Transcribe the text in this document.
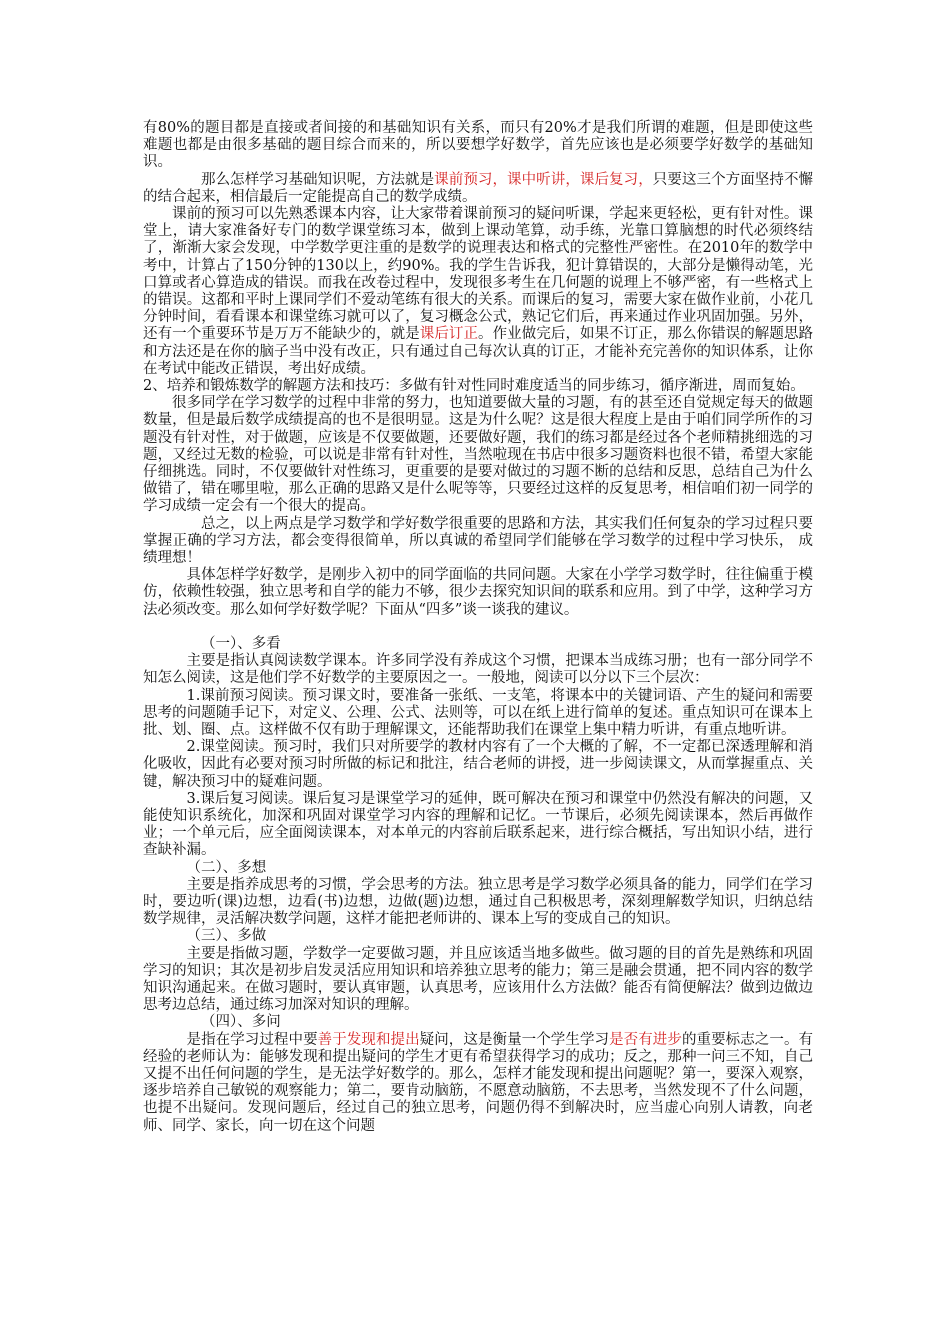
有80%的题目都是直接或者间接的和基础知识有关系，而只有20%才是我们所谓的难题，但是即使这些难题也都是由很多基础的题目综合而来的，所以要想学好数学，首先应该也是必须要学好数学的基础知识。

那么怎样学习基础知识呢，方法就是课前预习，课中听讲，课后复习，只要这三个方面坚持不懈的结合起来，相信最后一定能提高自己的数学成绩。

课前的预习可以先熟悉课本内容，让大家带着课前预习的疑问听课，学起来更轻松，更有针对性。课堂上，请大家准备好专门的数学课堂练习本，做到上课动笔算，动手练，光靠口算脑想的时代必须终结了，渐渐大家会发现，中学数学更注重的是数学的说理表达和格式的完整性严密性。在2010年的数学中考中，计算占了150分钟的130以上，约90%。我的学生告诉我，犯计算错误的，大部分是懒得动笔，光口算或者心算造成的错误。而我在改卷过程中，发现很多考生在几何题的说理上不够严密，有一些格式上的错误。这都和平时上课同学们不爱动笔练有很大的关系。而课后的复习，需要大家在做作业前，小花几分钟时间，看看课本和课堂练习就可以了，复习概念公式，熟记它们后，再来通过作业巩固加强。另外，还有一个重要环节是万万不能缺少的，就是课后订正。作业做完后，如果不订正，那么你错误的解题思路和方法还是在你的脑子当中没有改正，只有通过自己每次认真的订正，才能补充完善你的知识体系，让你在考试中能改正错误，考出好成绩。

2、培养和锻炼数学的解题方法和技巧：多做有针对性同时难度适当的同步练习，循序渐进，周而复始。

很多同学在学习数学的过程中非常的努力，也知道要做大量的习题，有的甚至还自觉规定每天的做题数量，但是最后数学成绩提高的也不是很明显。这是为什么呢？这是很大程度上是由于咱们同学所作的习题没有针对性，对于做题，应该是不仅要做题，还要做好题，我们的练习都是经过各个老师精挑细选的习题，又经过无数的检验，可以说是非常有针对性，当然啦现在书店中很多习题资料也很不错，希望大家能仔细挑选。同时，不仅要做针对性练习，更重要的是要对做过的习题不断的总结和反思，总结自己为什么做错了，错在哪里啦，那么正确的思路又是什么呢等等，只要经过这样的反复思考，相信咱们初一同学的学习成绩一定会有一个很大的提高。

总之，以上两点是学习数学和学好数学很重要的思路和方法，其实我们任何复杂的学习过程只要掌握正确的学习方法，都会变得很简单，所以真诚的希望同学们能够在学习数学的过程中学习快乐， 成绩理想！

具体怎样学好数学，是刚步入初中的同学面临的共同问题。大家在小学学习数学时，往往偏重于模仿，依赖性较强，独立思考和自学的能力不够，很少去探究知识间的联系和应用。到了中学，这种学习方法必须改变。那么如何学好数学呢？下面从“四多”谈一谈我的建议。

（一）、多看

主要是指认真阅读数学课本。许多同学没有养成这个习惯，把课本当成练习册；也有一部分同学不知怎么阅读，这是他们学不好数学的主要原因之一。一般地，阅读可以分以下三个层次：

1.课前预习阅读。预习课文时，要准备一张纸、一支笔，将课本中的关键词语、产生的疑问和需要思考的问题随手记下，对定义、公理、公式、法则等，可以在纸上进行简单的复述。重点知识可在课本上批、划、圈、点。这样做不仅有助于理解课文，还能帮助我们在课堂上集中精力听讲，有重点地听讲。

2.课堂阅读。预习时，我们只对所要学的教材内容有了一个大概的了解，不一定都已深透理解和消化吸收，因此有必要对预习时所做的标记和批注，结合老师的讲授，进一步阅读课文，从而掌握重点、关键，解决预习中的疑难问题。

3.课后复习阅读。课后复习是课堂学习的延伸，既可解决在预习和课堂中仍然没有解决的问题，又能使知识系统化，加深和巩固对课堂学习内容的理解和记忆。一节课后，必须先阅读课本，然后再做作业；一个单元后，应全面阅读课本，对本单元的内容前后联系起来，进行综合概括，写出知识小结，进行查缺补漏。

（二）、多想

主要是指养成思考的习惯，学会思考的方法。独立思考是学习数学必须具备的能力，同学们在学习时，要边听(课)边想，边看(书)边想，边做(题)边想，通过自己积极思考，深刻理解数学知识，归纳总结数学规律，灵活解决数学问题，这样才能把老师讲的、课本上写的变成自己的知识。

（三）、多做

主要是指做习题，学数学一定要做习题，并且应该适当地多做些。做习题的目的首先是熟练和巩固学习的知识；其次是初步启发灵活应用知识和培养独立思考的能力；第三是融会贯通，把不同内容的数学知识沟通起来。在做习题时，要认真审题，认真思考，应该用什么方法做？能否有简便解法？做到边做边思考边总结，通过练习加深对知识的理解。

（四）、多问

是指在学习过程中要善于发现和提出疑问，这是衡量一个学生学习是否有进步的重要标志之一。有经验的老师认为：能够发现和提出疑问的学生才更有希望获得学习的成功；反之，那种一问三不知，自己又提不出任何问题的学生，是无法学好数学的。那么，怎样才能发现和提出问题呢？第一，要深入观察，逐步培养自己敏锐的观察能力；第二，要肯动脑筋，不愿意动脑筋，不去思考，当然发现不了什么问题，也提不出疑问。发现问题后，经过自己的独立思考，问题仍得不到解决时，应当虚心向别人请教，向老师、同学、家长，向一切在这个问题
